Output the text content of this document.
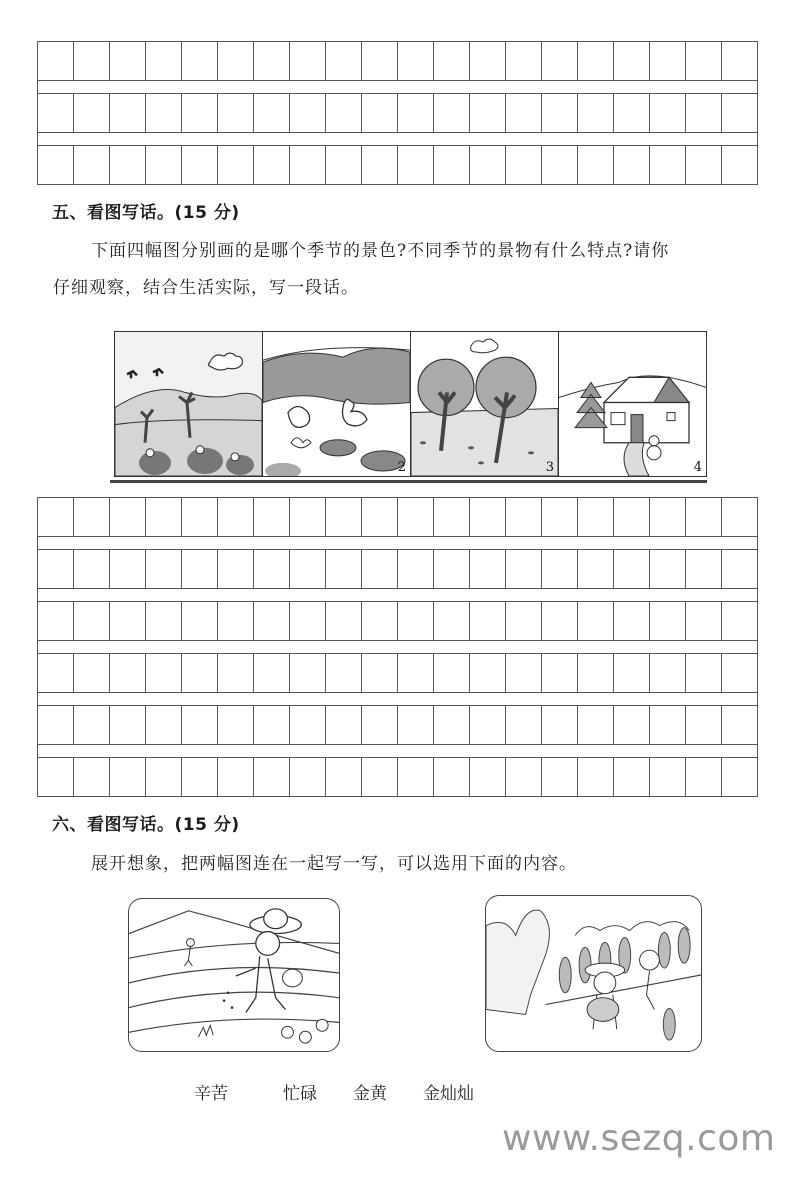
五、看图写话。(15 分)
下面四幅图分别画的是哪个季节的景色?不同季节的景物有什么特点?请你
仔细观察，结合生活实际，写一段话。
2	3	4
六、看图写话。(15 分)
展开想象，把两幅图连在一起写一写，可以选用下面的内容。
辛苦	忙碌 金黄 金灿灿
www.sezq.com
